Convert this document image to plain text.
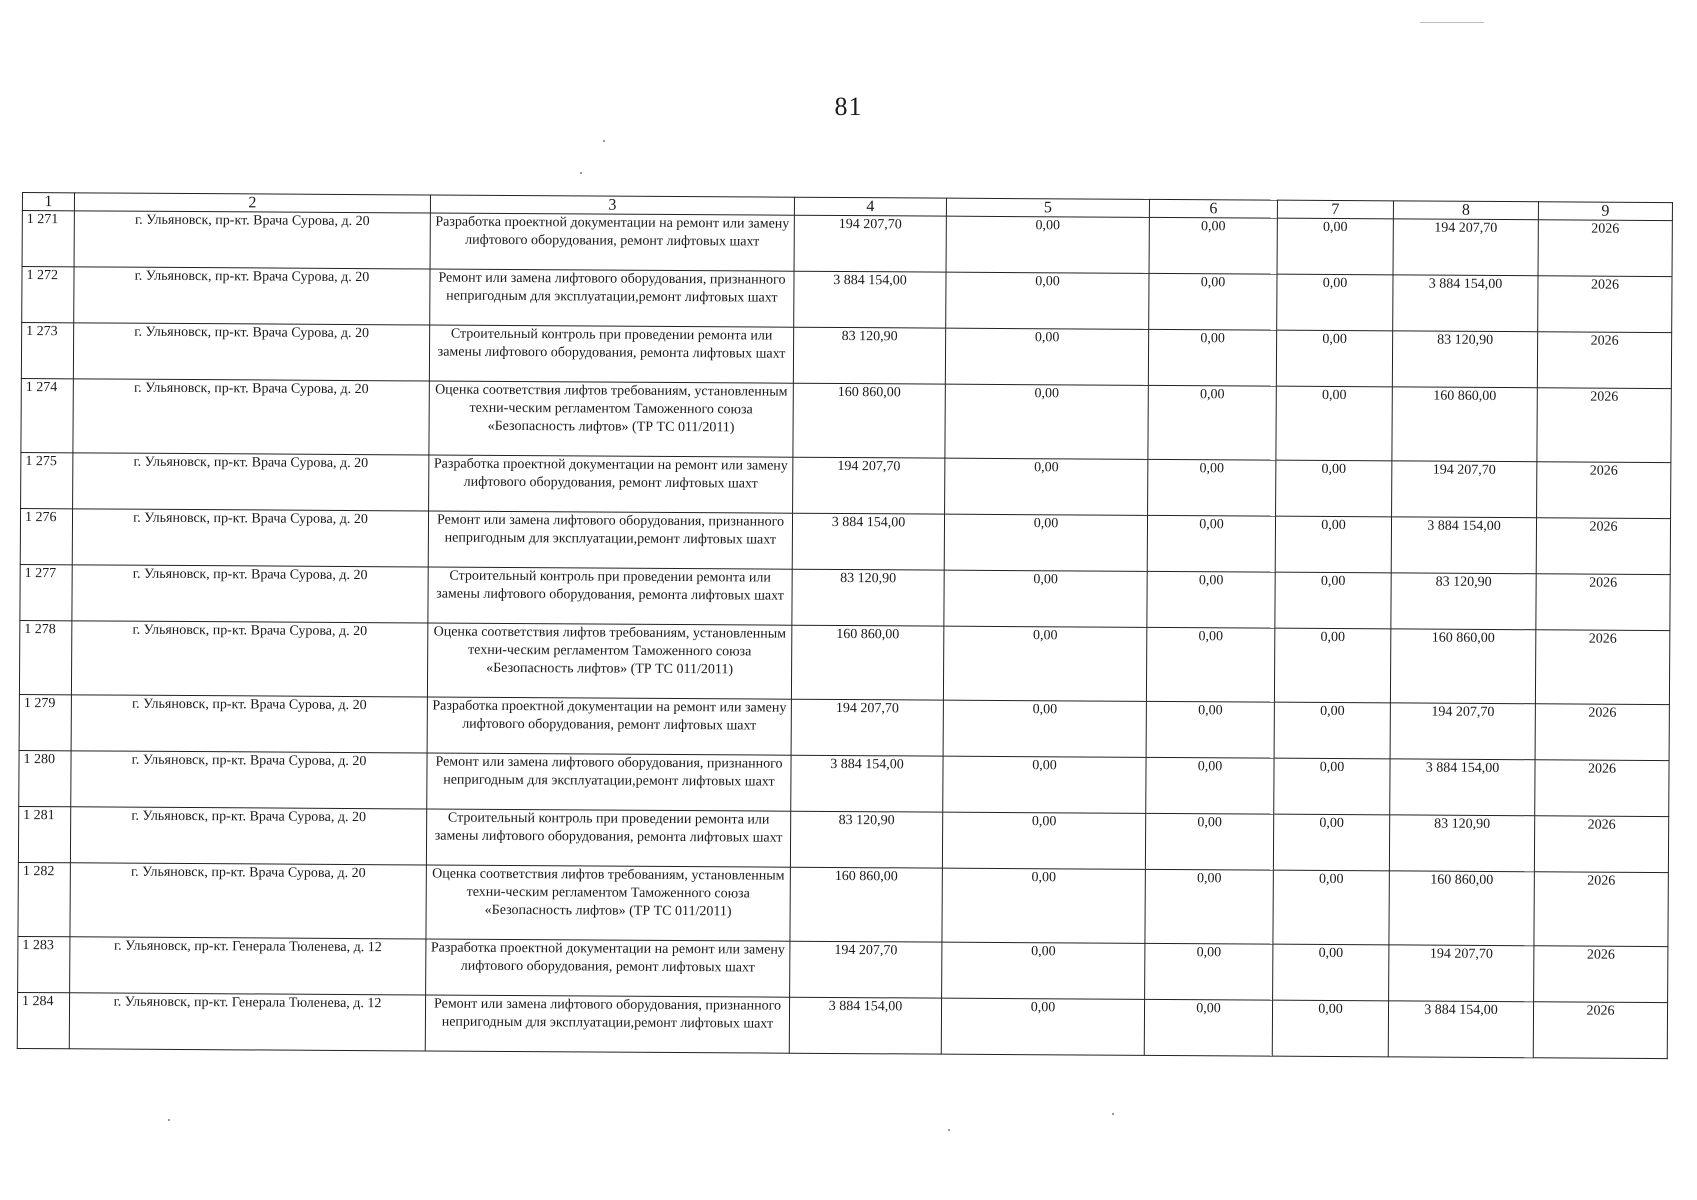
81
1	2	3	4	5	6	7	8	9
1 271	г. Ульяновск, пр-кт. Врача Сурова, д. 20	Разработка проектной документации на ремонт или замену лифтового оборудования, ремонт лифтовых шахт	194 207,70	0,00	0,00	0,00	194 207,70	2026
1 272	г. Ульяновск, пр-кт. Врача Сурова, д. 20	Ремонт или замена лифтового оборудования, признанного непригодным для эксплуатации,ремонт лифтовых шахт	3 884 154,00	0,00	0,00	0,00	3 884 154,00	2026
1 273	г. Ульяновск, пр-кт. Врача Сурова, д. 20	Строительный контроль при проведении ремонта или замены лифтового оборудования, ремонта лифтовых шахт	83 120,90	0,00	0,00	0,00	83 120,90	2026
1 274	г. Ульяновск, пр-кт. Врача Сурова, д. 20	Оценка соответствия лифтов требованиям, установленным техни-ческим регламентом Таможенного союза «Безопасность лифтов» (ТР ТС 011/2011)	160 860,00	0,00	0,00	0,00	160 860,00	2026
1 275	г. Ульяновск, пр-кт. Врача Сурова, д. 20	Разработка проектной документации на ремонт или замену лифтового оборудования, ремонт лифтовых шахт	194 207,70	0,00	0,00	0,00	194 207,70	2026
1 276	г. Ульяновск, пр-кт. Врача Сурова, д. 20	Ремонт или замена лифтового оборудования, признанного непригодным для эксплуатации,ремонт лифтовых шахт	3 884 154,00	0,00	0,00	0,00	3 884 154,00	2026
1 277	г. Ульяновск, пр-кт. Врача Сурова, д. 20	Строительный контроль при проведении ремонта или замены лифтового оборудования, ремонта лифтовых шахт	83 120,90	0,00	0,00	0,00	83 120,90	2026
1 278	г. Ульяновск, пр-кт. Врача Сурова, д. 20	Оценка соответствия лифтов требованиям, установленным техни-ческим регламентом Таможенного союза «Безопасность лифтов» (ТР ТС 011/2011)	160 860,00	0,00	0,00	0,00	160 860,00	2026
1 279	г. Ульяновск, пр-кт. Врача Сурова, д. 20	Разработка проектной документации на ремонт или замену лифтового оборудования, ремонт лифтовых шахт	194 207,70	0,00	0,00	0,00	194 207,70	2026
1 280	г. Ульяновск, пр-кт. Врача Сурова, д. 20	Ремонт или замена лифтового оборудования, признанного непригодным для эксплуатации,ремонт лифтовых шахт	3 884 154,00	0,00	0,00	0,00	3 884 154,00	2026
1 281	г. Ульяновск, пр-кт. Врача Сурова, д. 20	Строительный контроль при проведении ремонта или замены лифтового оборудования, ремонта лифтовых шахт	83 120,90	0,00	0,00	0,00	83 120,90	2026
1 282	г. Ульяновск, пр-кт. Врача Сурова, д. 20	Оценка соответствия лифтов требованиям, установленным техни-ческим регламентом Таможенного союза «Безопасность лифтов» (ТР ТС 011/2011)	160 860,00	0,00	0,00	0,00	160 860,00	2026
1 283	г. Ульяновск, пр-кт. Генерала Тюленева, д. 12	Разработка проектной документации на ремонт или замену лифтового оборудования, ремонт лифтовых шахт	194 207,70	0,00	0,00	0,00	194 207,70	2026
1 284	г. Ульяновск, пр-кт. Генерала Тюленева, д. 12	Ремонт или замена лифтового оборудования, признанного непригодным для эксплуатации,ремонт лифтовых шахт	3 884 154,00	0,00	0,00	0,00	3 884 154,00	2026
